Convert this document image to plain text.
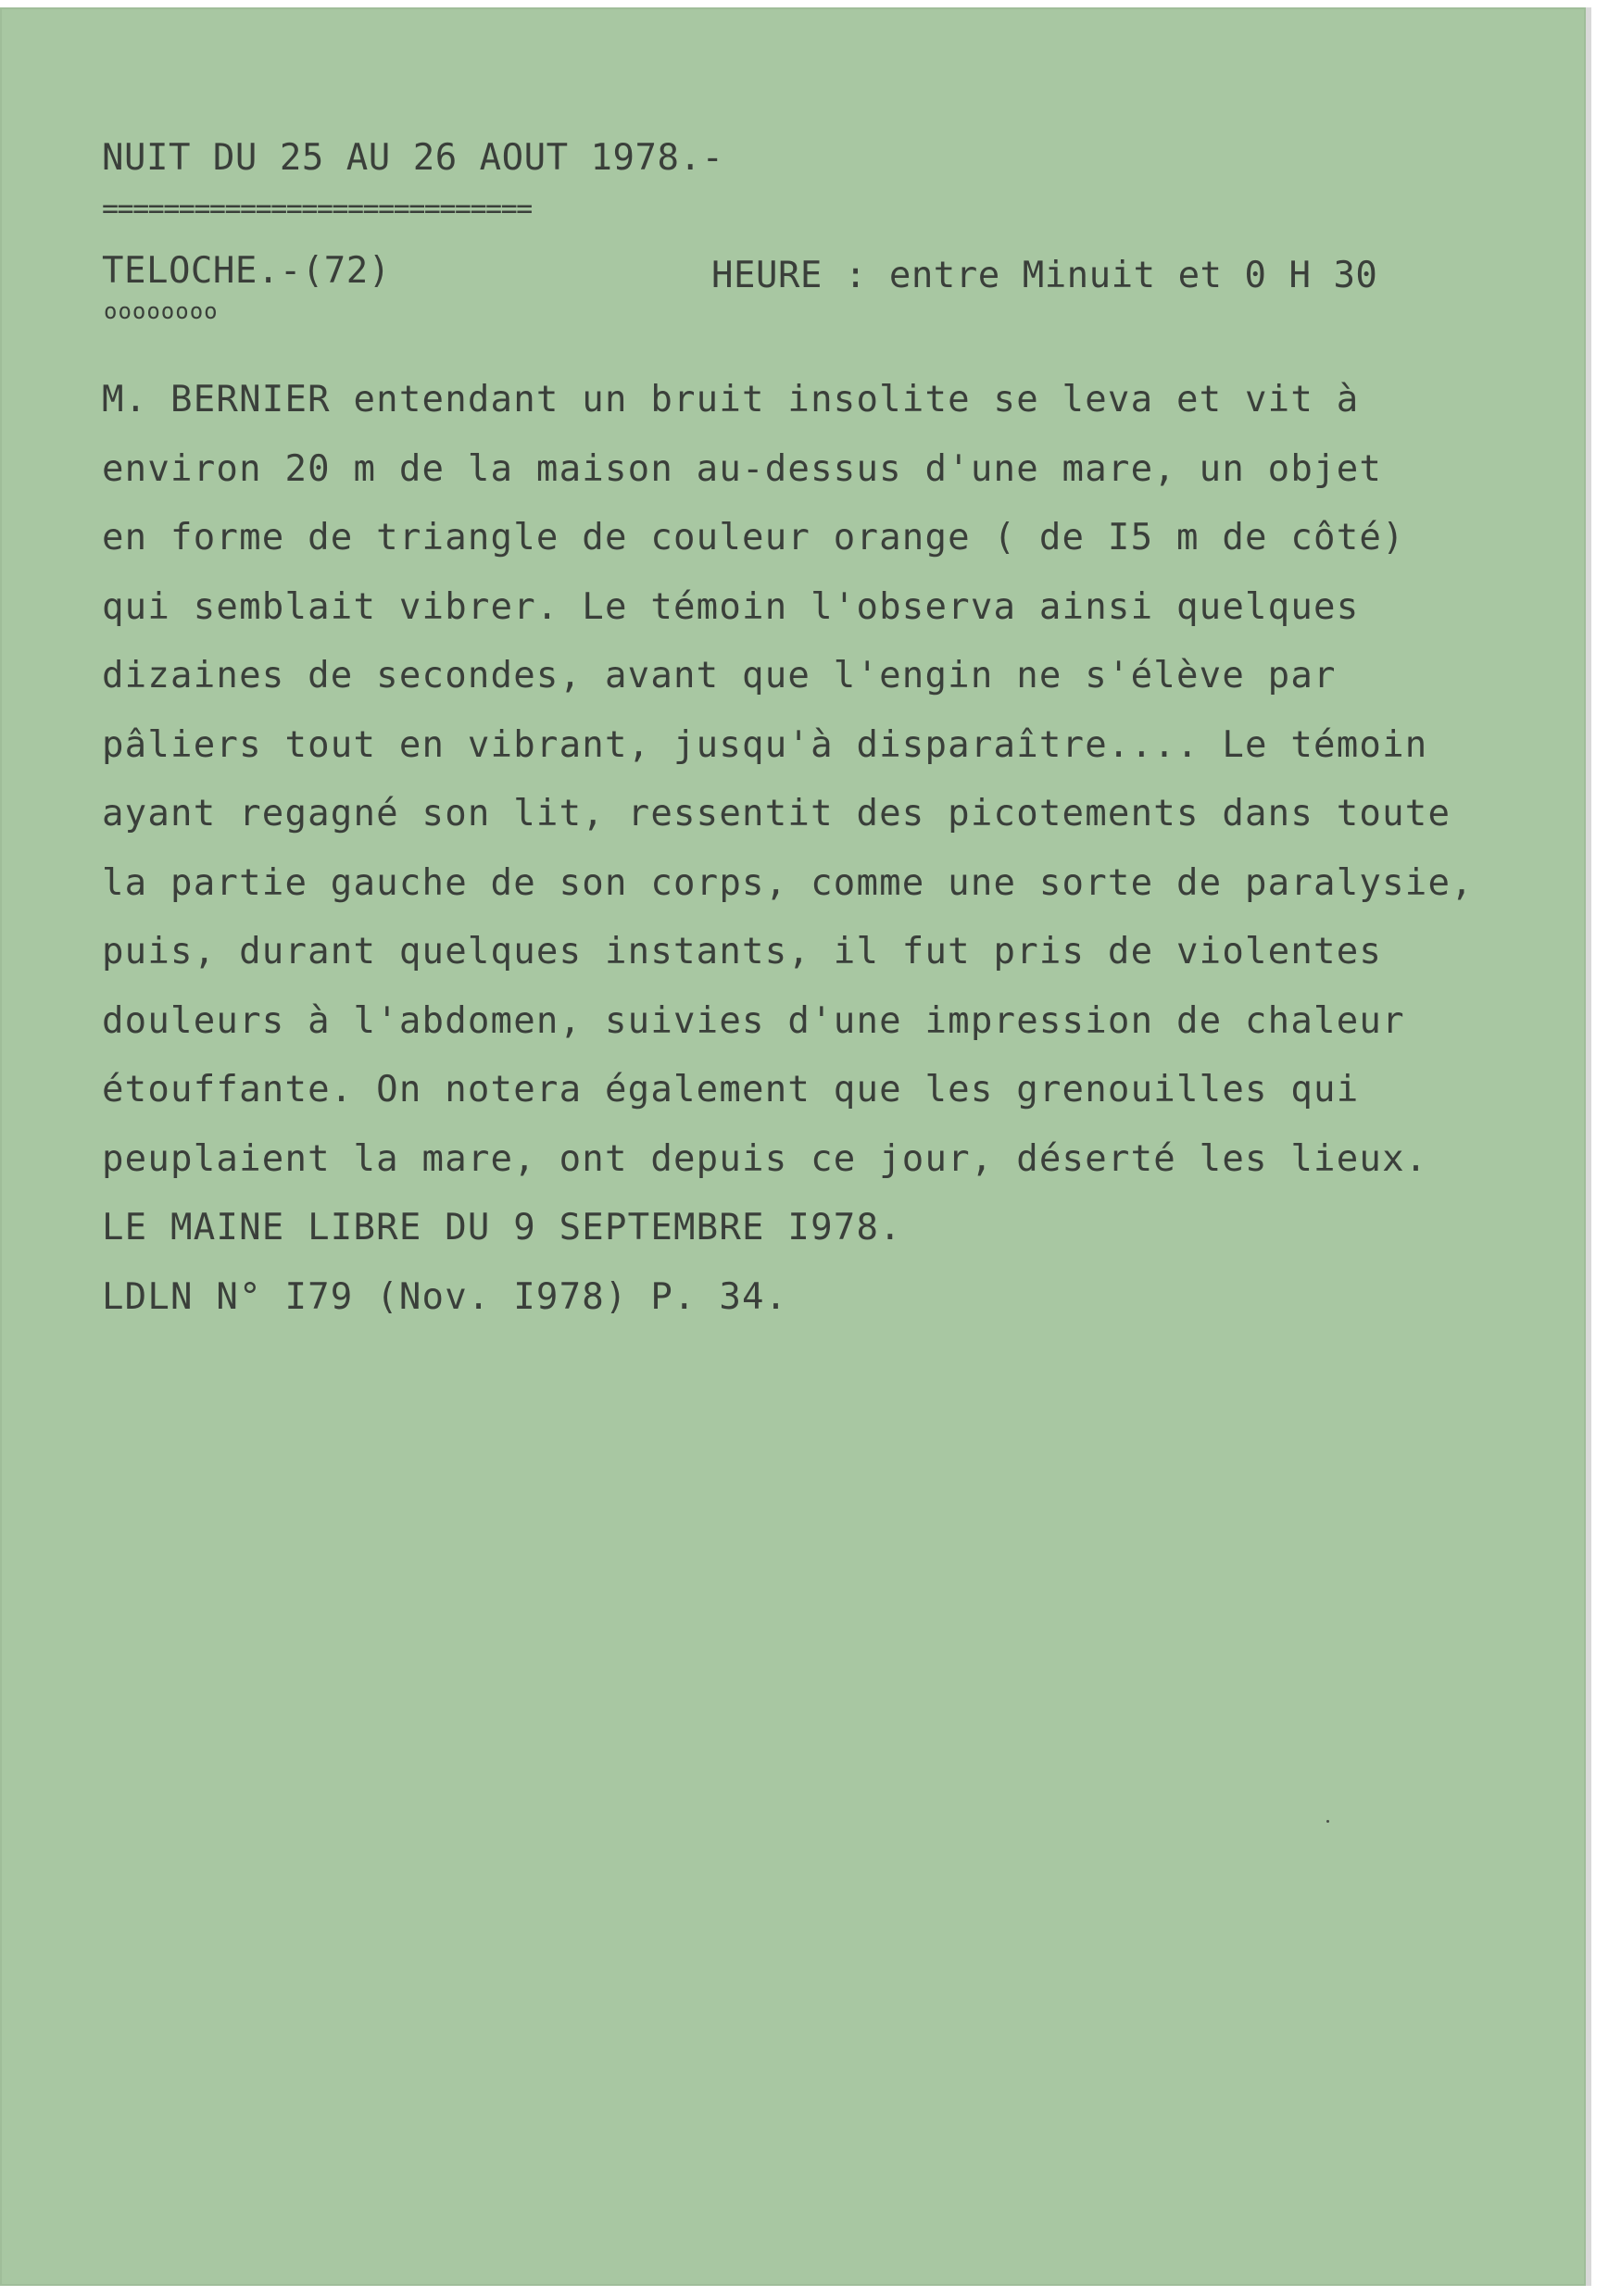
NUIT DU 25 AU 26 AOUT 1978.-
============================
TELOCHE.-(72)
oooooooo
HEURE : entre Minuit et 0 H 30
M. BERNIER entendant un bruit insolite se leva et vit à
environ 20 m de la maison au-dessus d'une mare, un objet
en forme de triangle de couleur orange ( de I5 m de côté)
qui semblait vibrer. Le témoin l'observa ainsi quelques
dizaines de secondes, avant que l'engin ne s'élève par
pâliers tout en vibrant, jusqu'à disparaître.... Le témoin
ayant regagné son lit, ressentit des picotements dans toute
la partie gauche de son corps, comme une sorte de paralysie,
puis, durant quelques instants, il fut pris de violentes
douleurs à l'abdomen, suivies d'une impression de chaleur
étouffante. On notera également que les grenouilles qui
peuplaient la mare, ont depuis ce jour, déserté les lieux.
LE MAINE LIBRE DU 9 SEPTEMBRE I978.
LDLN N° I79 (Nov. I978) P. 34.
